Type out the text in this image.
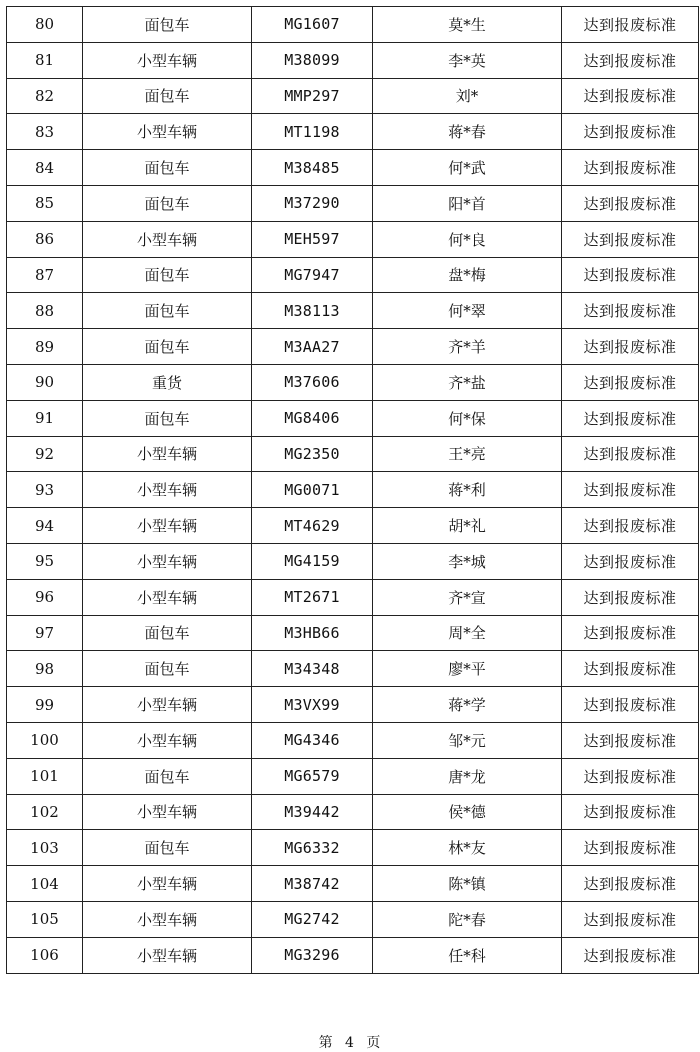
80	面包车	MG1607	莫*生	达到报废标准
81	小型车辆	M38099	李*英	达到报废标准
82	面包车	MMP297	刘*	达到报废标准
83	小型车辆	MT1198	蒋*春	达到报废标准
84	面包车	M38485	何*武	达到报废标准
85	面包车	M37290	阳*首	达到报废标准
86	小型车辆	MEH597	何*良	达到报废标准
87	面包车	MG7947	盘*梅	达到报废标准
88	面包车	M38113	何*翠	达到报废标准
89	面包车	M3AA27	齐*羊	达到报废标准
90	重货	M37606	齐*盐	达到报废标准
91	面包车	MG8406	何*保	达到报废标准
92	小型车辆	MG2350	王*亮	达到报废标准
93	小型车辆	MG0071	蒋*利	达到报废标准
94	小型车辆	MT4629	胡*礼	达到报废标准
95	小型车辆	MG4159	李*城	达到报废标准
96	小型车辆	MT2671	齐*宣	达到报废标准
97	面包车	M3HB66	周*全	达到报废标准
98	面包车	M34348	廖*平	达到报废标准
99	小型车辆	M3VX99	蒋*学	达到报废标准
100	小型车辆	MG4346	邹*元	达到报废标准
101	面包车	MG6579	唐*龙	达到报废标准
102	小型车辆	M39442	侯*德	达到报废标准
103	面包车	MG6332	林*友	达到报废标准
104	小型车辆	M38742	陈*镇	达到报废标准
105	小型车辆	MG2742	陀*春	达到报废标准
106	小型车辆	MG3296	任*科	达到报废标准
第 4 页
